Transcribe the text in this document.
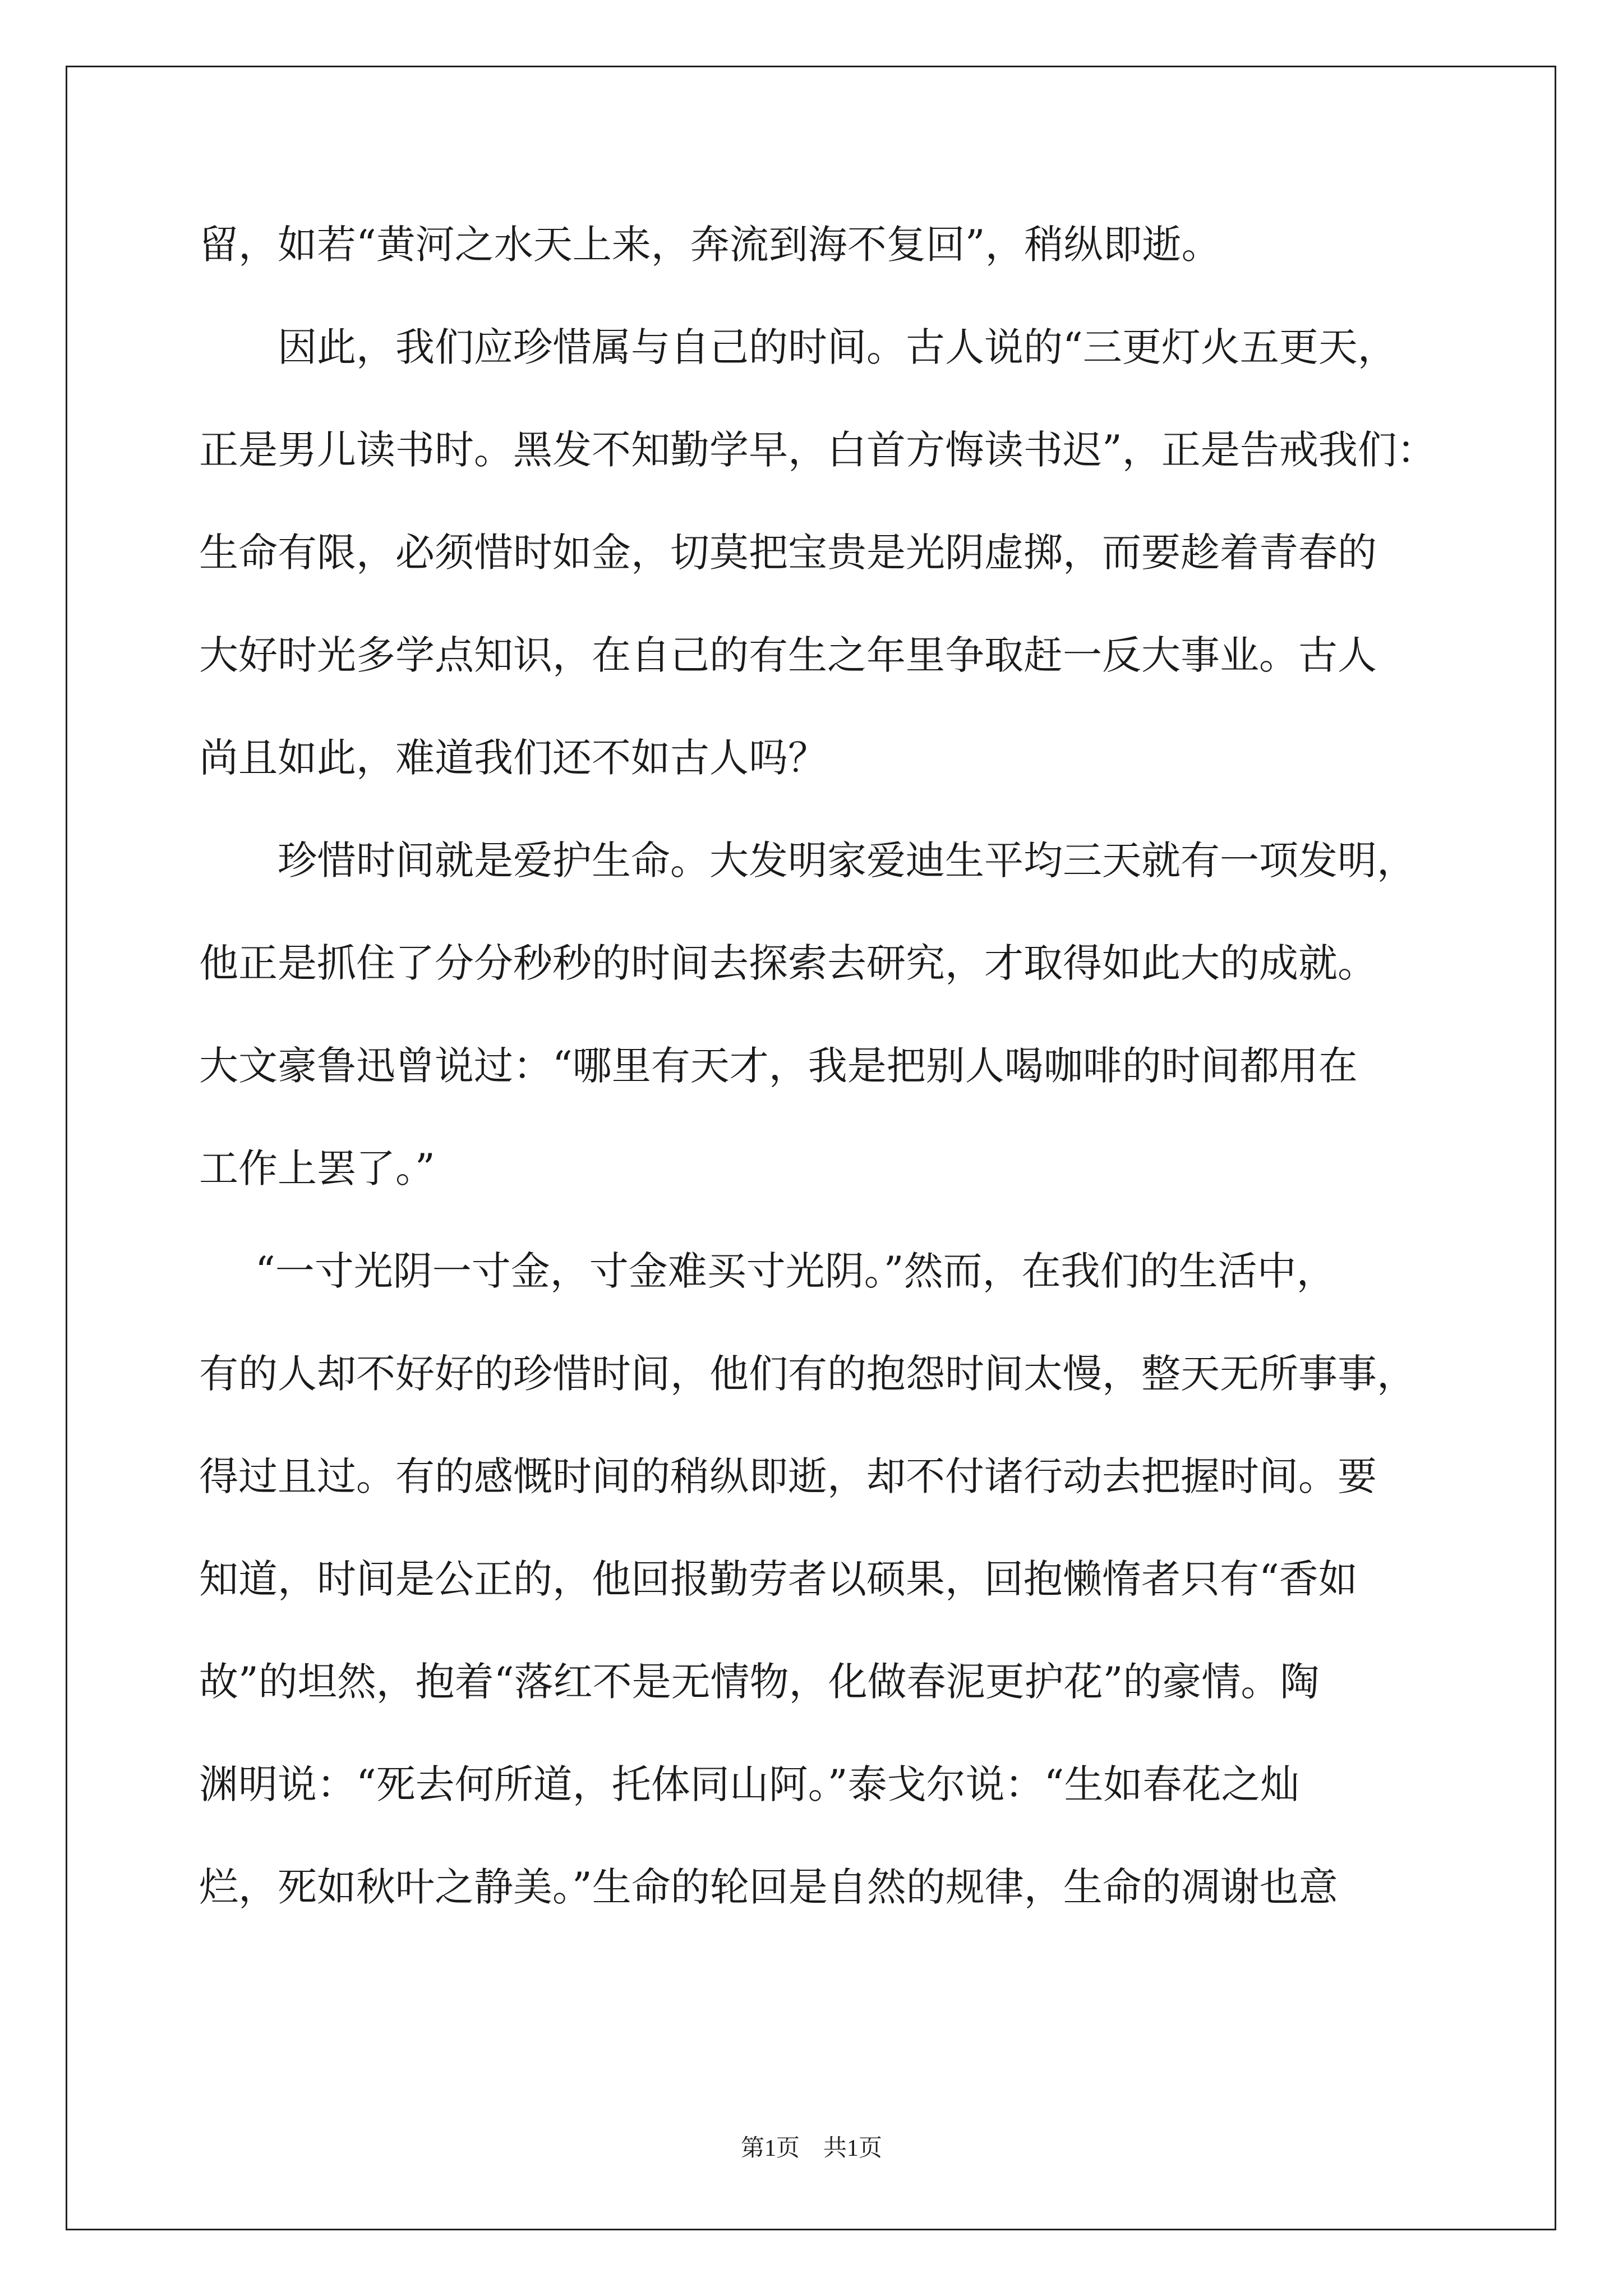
留，如若“黄河之水天上来，奔流到海不复回”，稍纵即逝。
因此，我们应珍惜属与自己的时间。古人说的“三更灯火五更天，
正是男儿读书时。黑发不知勤学早，白首方悔读书迟”，正是告戒我们：
生命有限，必须惜时如金，切莫把宝贵是光阴虚掷，而要趁着青春的
大好时光多学点知识，在自己的有生之年里争取赶一反大事业。古人
尚且如此，难道我们还不如古人吗？
珍惜时间就是爱护生命。大发明家爱迪生平均三天就有一项发明，
他正是抓住了分分秒秒的时间去探索去研究，才取得如此大的成就。
大文豪鲁迅曾说过：“哪里有天才，我是把别人喝咖啡的时间都用在
工作上罢了。”
“一寸光阴一寸金，寸金难买寸光阴。”然而，在我们的生活中，
有的人却不好好的珍惜时间，他们有的抱怨时间太慢，整天无所事事，
得过且过。有的感慨时间的稍纵即逝，却不付诸行动去把握时间。要
知道，时间是公正的，他回报勤劳者以硕果，回抱懒惰者只有“香如
故”的坦然，抱着“落红不是无情物，化做春泥更护花”的豪情。陶
渊明说：“死去何所道，托体同山阿。”泰戈尔说：“生如春花之灿
烂，死如秋叶之静美。”生命的轮回是自然的规律，生命的凋谢也意
第1页　共1页
